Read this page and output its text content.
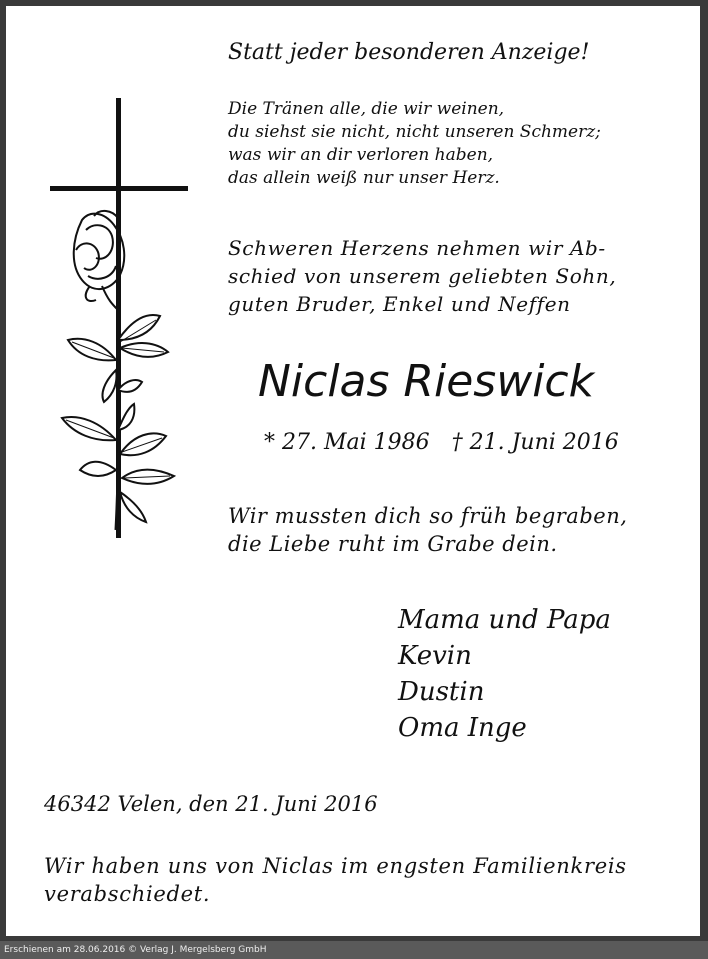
Statt jeder besonderen Anzeige!

Die Tränen alle, die wir weinen,
du siehst sie nicht, nicht unseren Schmerz;
was wir an dir verloren haben,
das allein weiß nur unser Herz.
Schweren Herzens nehmen wir Ab-
schied von unserem geliebten Sohn,
guten Bruder, Enkel und Neffen
Niclas Rieswick
* 27. Mai 1986 † 21. Juni 2016
Wir mussten dich so früh begraben,
die Liebe ruht im Grabe dein.
Mama und Papa
Kevin
Dustin
Oma Inge

46342 Velen, den 21. Juni 2016

Wir haben uns von Niclas im engsten Familienkreis
verabschiedet.
Erschienen am 28.06.2016 © Verlag J. Mergelsberg GmbH
